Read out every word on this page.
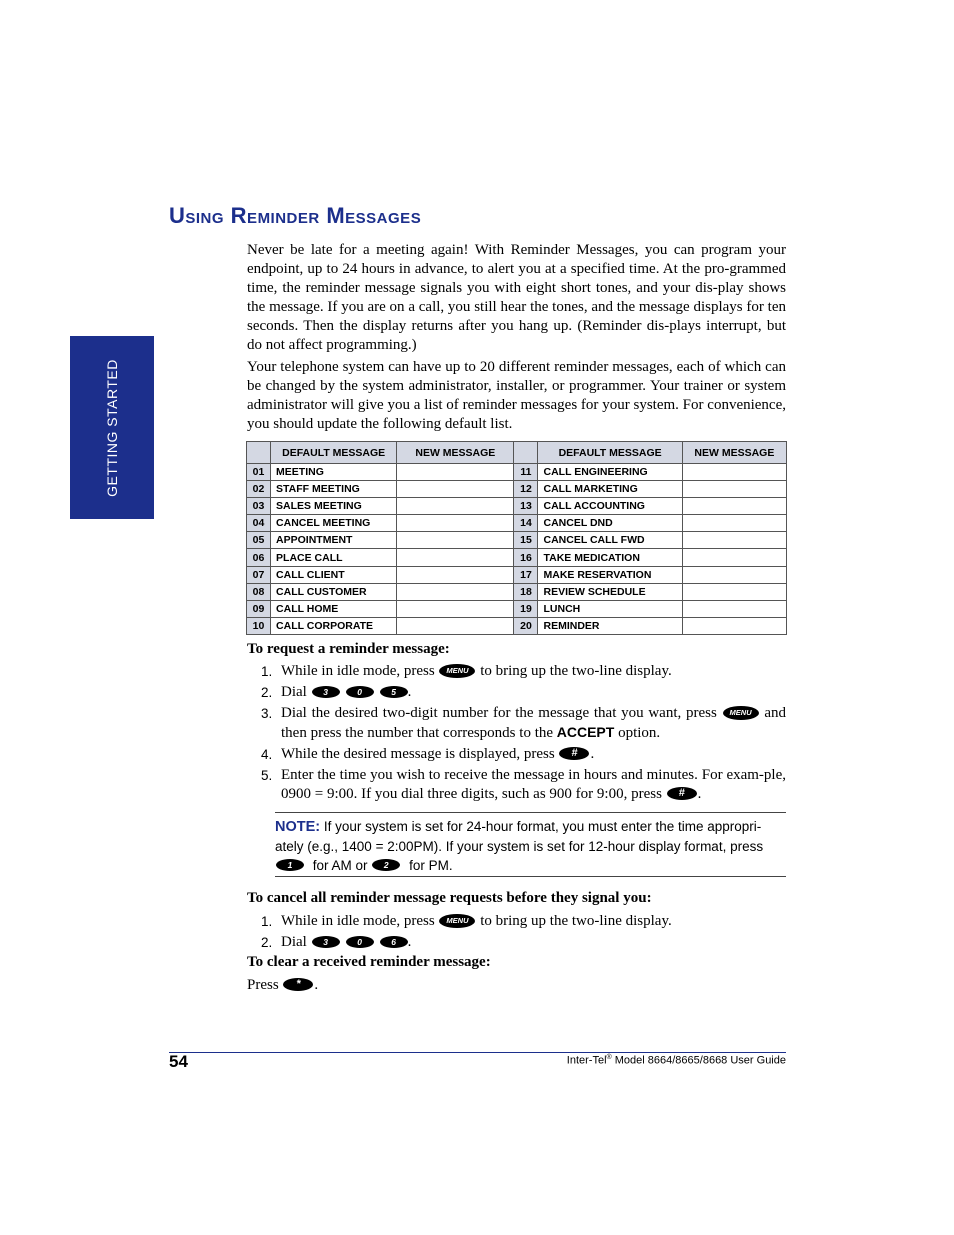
GETTING STARTED
Using Reminder Messages

Never be late for a meeting again! With Reminder Messages, you can program your endpoint, up to 24 hours in advance, to alert you at a specified time. At the pro-grammed time, the reminder message signals you with eight short tones, and your dis-play shows the message. If you are on a call, you still hear the tones, and the message displays for ten seconds. Then the display returns after you hang up. (Reminder dis-plays interrupt, but do not affect programming.)

Your telephone system can have up to 20 different reminder messages, each of which can be changed by the system administrator, installer, or programmer. Your trainer or system administrator will give you a list of reminder messages for your system. For convenience, you should update the following default list.

	DEFAULT MESSAGE	NEW MESSAGE		DEFAULT MESSAGE	NEW MESSAGE
01	MEETING		11	CALL ENGINEERING	
02	STAFF MEETING		12	CALL MARKETING	
03	SALES MEETING		13	CALL ACCOUNTING	
04	CANCEL MEETING		14	CANCEL DND	
05	APPOINTMENT		15	CANCEL CALL FWD	
06	PLACE CALL		16	TAKE MEDICATION	
07	CALL CLIENT		17	MAKE RESERVATION	
08	CALL CUSTOMER		18	REVIEW SCHEDULE	
09	CALL HOME		19	LUNCH	
10	CALL CORPORATE		20	REMINDER	

To request a reminder message:

1. While in idle mode, press MENU to bring up the two-line display.
2. Dial 3	0	5 .
3. Dial the desired two-digit number for the message that you want, press MENU and then press the number that corresponds to the ACCEPT option.
4. While the desired message is displayed, press # .
5. Enter the time you wish to receive the message in hours and minutes. For exam-ple, 0900 = 9:00. If you dial three digits, such as 900 for 9:00, press # .
NOTE: If your system is set for 24-hour format, you must enter the time appropri-ately (e.g., 1400 = 2:00PM). If your system is set for 12-hour display format, press 1 for AM or 2 for PM.

To cancel all reminder message requests before they signal you:

1. While in idle mode, press MENU to bring up the two-line display.
2. Dial 3	0	6 .

To clear a received reminder message:

Press * .

54	Inter-Tel® Model 8664/8665/8668 User Guide
